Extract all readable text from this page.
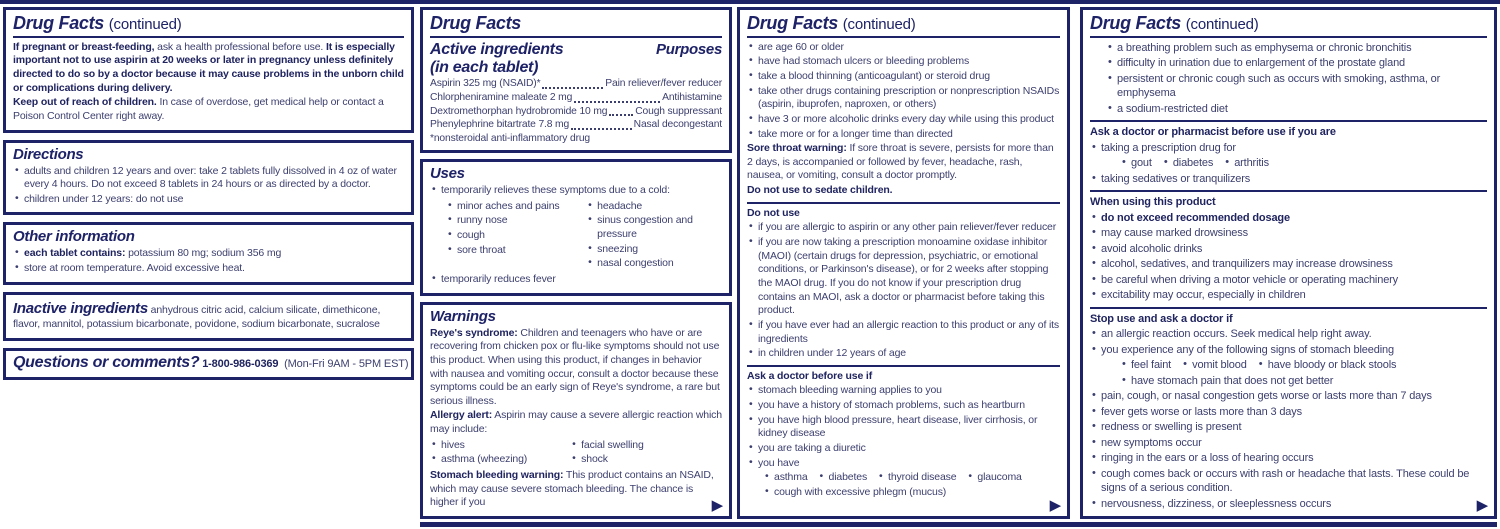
Drug Facts (continued)

If pregnant or breast-feeding, ask a health professional before use. It is especially important not to use aspirin at 20 weeks or later in pregnancy unless definitely directed to do so by a doctor because it may cause problems in the unborn child or complications during delivery.

Keep out of reach of children. In case of overdose, get medical help or contact a Poison Control Center right away.

Directions
• adults and children 12 years and over: take 2 tablets fully dissolved in 4 oz of water every 4 hours. Do not exceed 8 tablets in 24 hours or as directed by a doctor.
• children under 12 years: do not use
Other information
• each tablet contains: potassium 80 mg; sodium 356 mg
• store at room temperature. Avoid excessive heat.

Inactive ingredients anhydrous citric acid, calcium silicate, dimethicone, flavor, mannitol, potassium bicarbonate, povidone, sodium bicarbonate, sucralose

Questions or comments? 1-800-986-0369 (Mon-Fri 9AM - 5PM EST)

Drug Facts
Active ingredients
(in each tablet)
Purposes
Aspirin 325 mg (NSAID)*	Pain reliever/fever reducer
Chlorpheniramine maleate 2 mg	Antihistamine
Dextromethorphan hydrobromide 10 mg	Cough suppressant
Phenylephrine bitartrate 7.8 mg	Nasal decongestant

*nonsteroidal anti-inflammatory drug

Uses
• temporarily relieves these symptoms due to a cold:
• minor aches and pains
• runny nose
• cough
• sore throat
• headache
• sinus congestion and pressure
• sneezing
• nasal congestion
• temporarily reduces fever
Warnings

Reye's syndrome: Children and teenagers who have or are recovering from chicken pox or flu-like symptoms should not use this product. When using this product, if changes in behavior with nausea and vomiting occur, consult a doctor because these symptoms could be an early sign of Reye's syndrome, a rare but serious illness.

Allergy alert: Aspirin may cause a severe allergic reaction which may include:

• hives
• asthma (wheezing)
• facial swelling
• shock

Stomach bleeding warning: This product contains an NSAID, which may cause severe stomach bleeding. The chance is higher if you	▶
Drug Facts (continued)
• are age 60 or older
• have had stomach ulcers or bleeding problems
• take a blood thinning (anticoagulant) or steroid drug
• take other drugs containing prescription or nonprescription NSAIDs (aspirin, ibuprofen, naproxen, or others)
• have 3 or more alcoholic drinks every day while using this product
• take more or for a longer time than directed

Sore throat warning: If sore throat is severe, persists for more than 2 days, is accompanied or followed by fever, headache, rash, nausea, or vomiting, consult a doctor promptly.

Do not use to sedate children.

Do not use

• if you are allergic to aspirin or any other pain reliever/fever reducer
• if you are now taking a prescription monoamine oxidase inhibitor (MAOI) (certain drugs for depression, psychiatric, or emotional conditions, or Parkinson's disease), or for 2 weeks after stopping the MAOI drug. If you do not know if your prescription drug contains an MAOI, ask a doctor or pharmacist before taking this product.
• if you have ever had an allergic reaction to this product or any of its ingredients
• in children under 12 years of age

Ask a doctor before use if

• stomach bleeding warning applies to you
• you have a history of stomach problems, such as heartburn
• you have high blood pressure, heart disease, liver cirrhosis, or kidney disease
• you are taking a diuretic
• you have
• asthma • diabetes • thyroid disease • glaucoma
• cough with excessive phlegm (mucus)
▶
Drug Facts (continued)
• a breathing problem such as emphysema or chronic bronchitis
• difficulty in urination due to enlargement of the prostate gland
• persistent or chronic cough such as occurs with smoking, asthma, or emphysema
• a sodium-restricted diet

Ask a doctor or pharmacist before use if you are

• taking a prescription drug for
• gout • diabetes • arthritis
• taking sedatives or tranquilizers

When using this product

• do not exceed recommended dosage
• may cause marked drowsiness
• avoid alcoholic drinks
• alcohol, sedatives, and tranquilizers may increase drowsiness
• be careful when driving a motor vehicle or operating machinery
• excitability may occur, especially in children

Stop use and ask a doctor if

• an allergic reaction occurs. Seek medical help right away.
• you experience any of the following signs of stomach bleeding
• feel faint • vomit blood • have bloody or black stools
• have stomach pain that does not get better
• pain, cough, or nasal congestion gets worse or lasts more than 7 days
• fever gets worse or lasts more than 3 days
• redness or swelling is present
• new symptoms occur
• ringing in the ears or a loss of hearing occurs
• cough comes back or occurs with rash or headache that lasts. These could be signs of a serious condition.
• nervousness, dizziness, or sleeplessness occurs	▶
